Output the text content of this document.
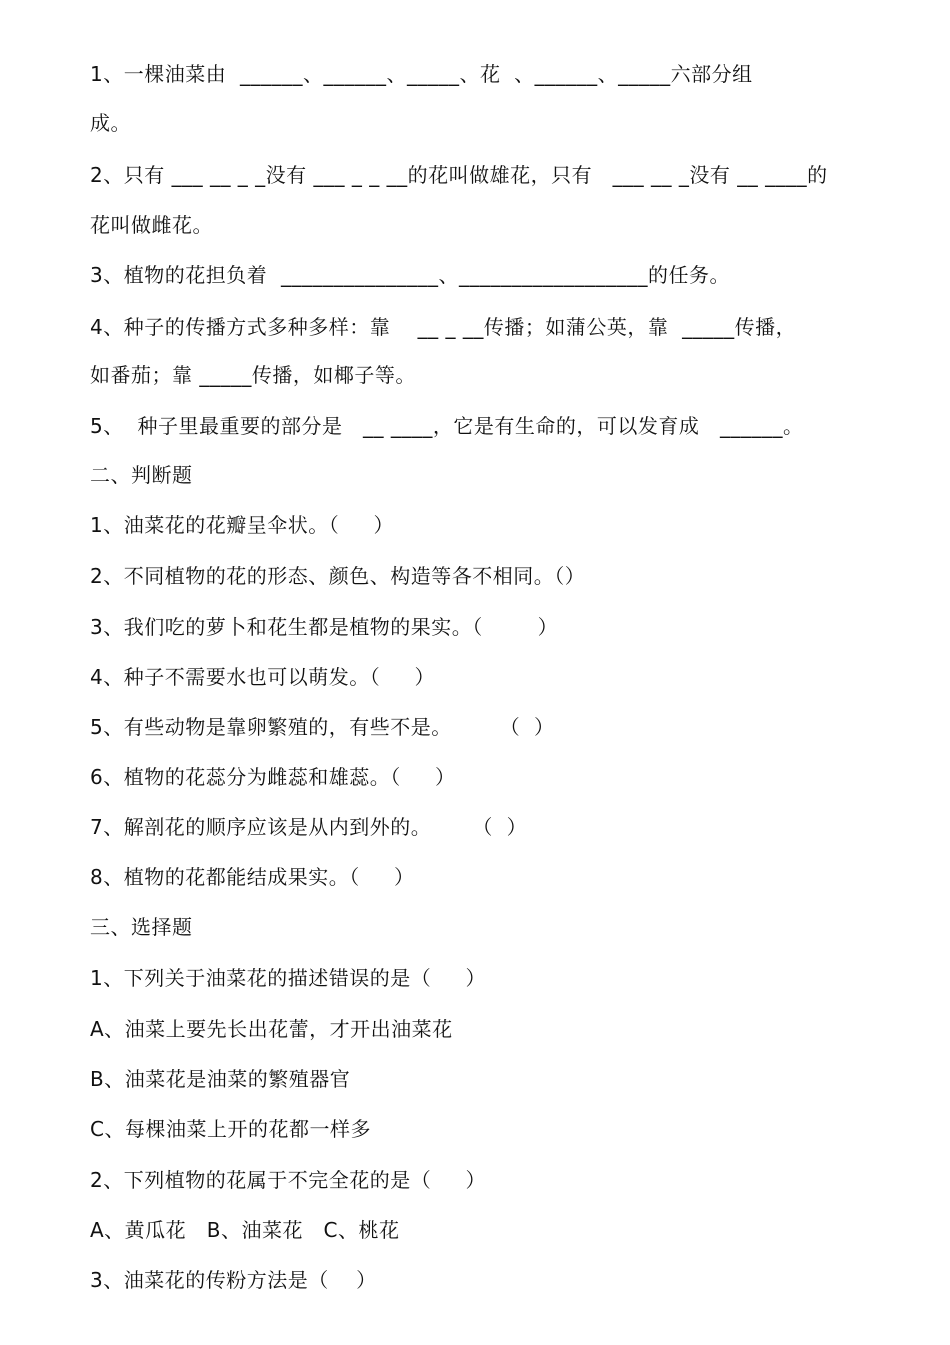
1、一棵油菜由  ______、______、_____、花  、______、_____六部分组
成。
2、只有 ___ __ _ _没有 ___ _ _ __的花叫做雄花，只有   ___ __ _没有 __ ____的
花叫做雌花。
3、植物的花担负着  _______________、__________________的任务。
4、种子的传播方式多种多样：靠    __ _ __传播；如蒲公英，靠  _____传播，
如番茄；靠 _____传播，如椰子等。
5、  种子里最重要的部分是   __ ____，它是有生命的，可以发育成   ______。
二、判断题
1、油菜花的花瓣呈伞状。（     ）
2、不同植物的花的形态、颜色、构造等各不相同。（）
3、我们吃的萝卜和花生都是植物的果实。（        ）
4、种子不需要水也可以萌发。（     ）
5、有些动物是靠卵繁殖的，有些不是。       （  ）
6、植物的花蕊分为雌蕊和雄蕊。（     ）
7、解剖花的顺序应该是从内到外的。      （  ）
8、植物的花都能结成果实。（     ）
三、选择题
1、下列关于油菜花的描述错误的是（     ）
A、油菜上要先长出花蕾，才开出油菜花
B、油菜花是油菜的繁殖器官
C、每棵油菜上开的花都一样多
2、下列植物的花属于不完全花的是（     ）
A、黄瓜花   B、油菜花   C、桃花
3、油菜花的传粉方法是（    ）
